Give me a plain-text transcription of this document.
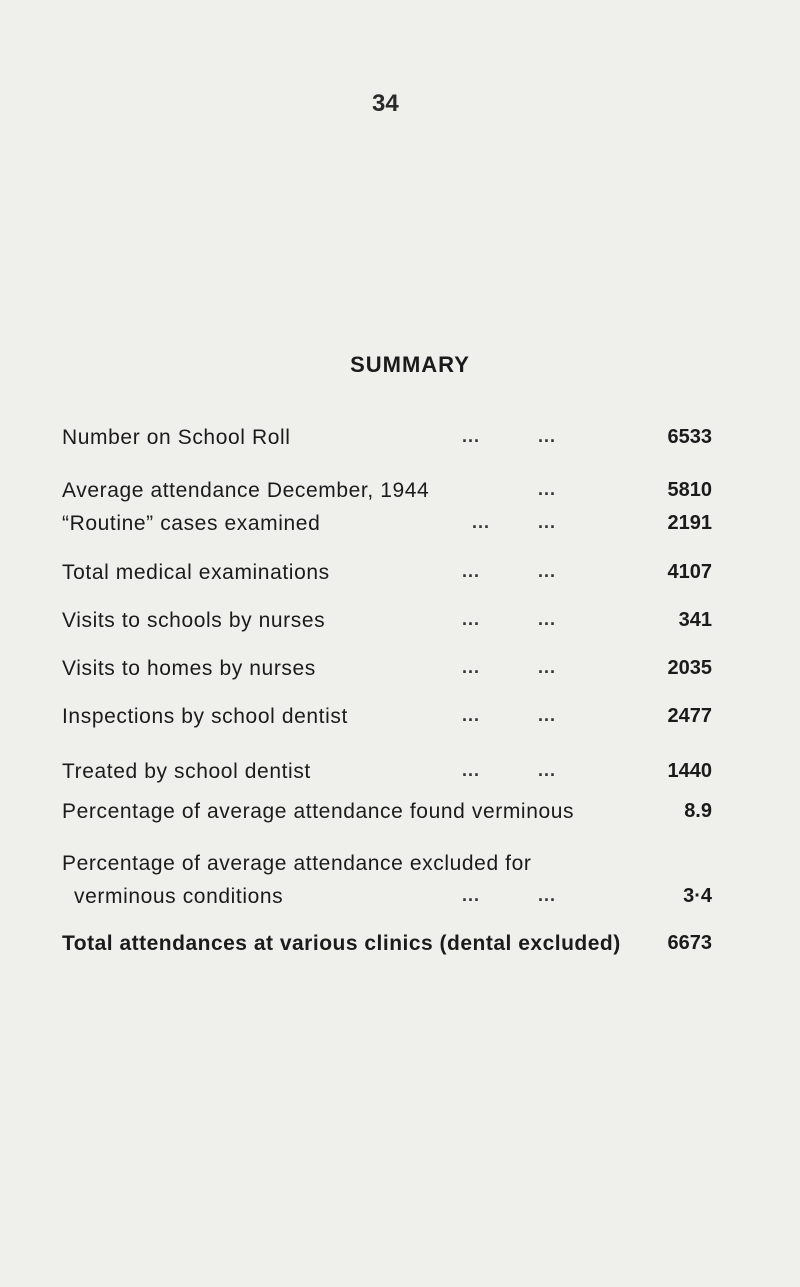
34
SUMMARY
Number on School Roll	...	...	6533
Average attendance December, 1944	...	5810
“Routine” cases examined	...	...	2191
Total medical examinations	...	...	4107
Visits to schools by nurses	...	...	341
Visits to homes by nurses	...	...	2035
Inspections by school dentist	...	...	2477
Treated by school dentist	...	...	1440
Percentage of average attendance found verminous	8.9
Percentage of average attendance excluded for
verminous conditions	...	...	3·4
Total attendances at various clinics (dental excluded) 6673
